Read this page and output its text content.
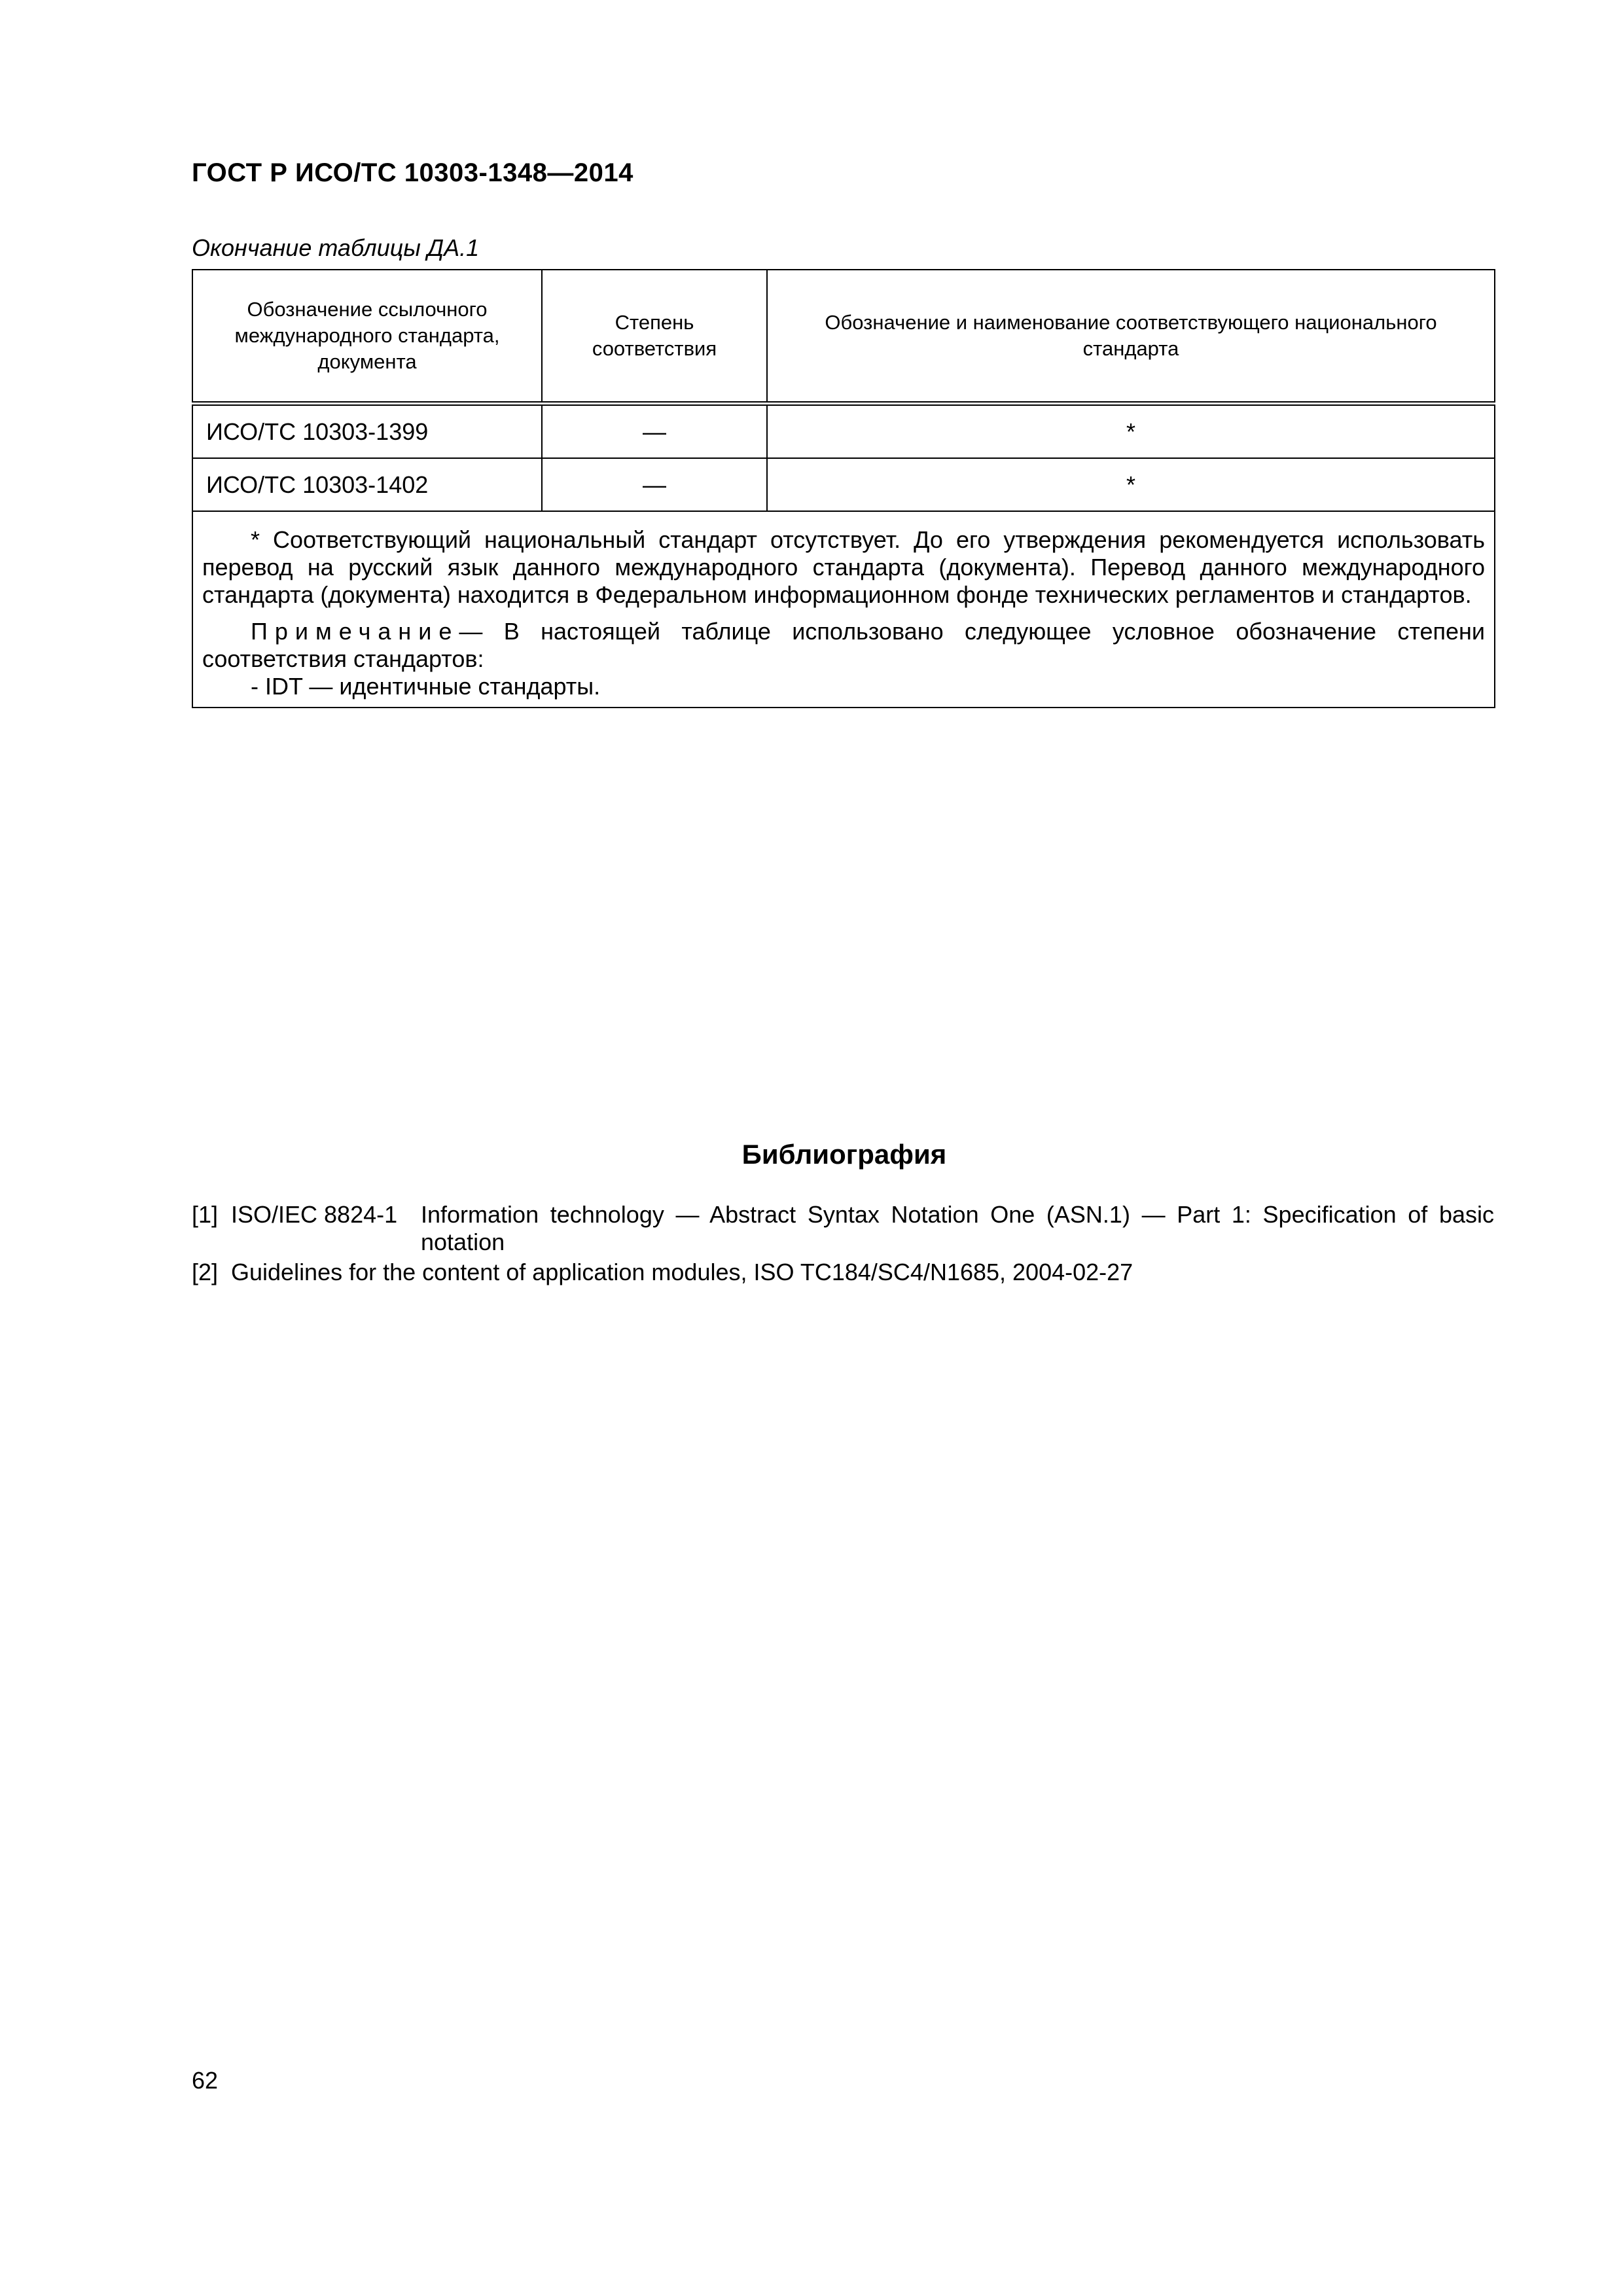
ГОСТ Р ИСО/ТС 10303-1348—2014
Окончание таблицы ДА.1
Обозначение ссылочного международного стандарта, документа	Степень соответствия	Обозначение и наименование соответствующего национального стандарта
ИСО/ТС 10303-1399	—	*
ИСО/ТС 10303-1402	—	*

* Соответствующий национальный стандарт отсутствует. До его утверждения рекомендуется использовать перевод на русский язык данного международного стандарта (документа). Перевод данного международного стандарта (документа) находится в Федеральном информационном фонде технических регламентов и стандартов.

Примечание— В настоящей таблице использовано следующее условное обозначение степени соответствия стандартов:

- IDT — идентичные стандарты.		

Библиография
[1] ISO/IEC 8824-1 Information technology — Abstract Syntax Notation One (ASN.1) — Part 1: Specification of basic notation
[2] Guidelines for the content of application modules, ISO TC184/SC4/N1685, 2004-02-27
62
